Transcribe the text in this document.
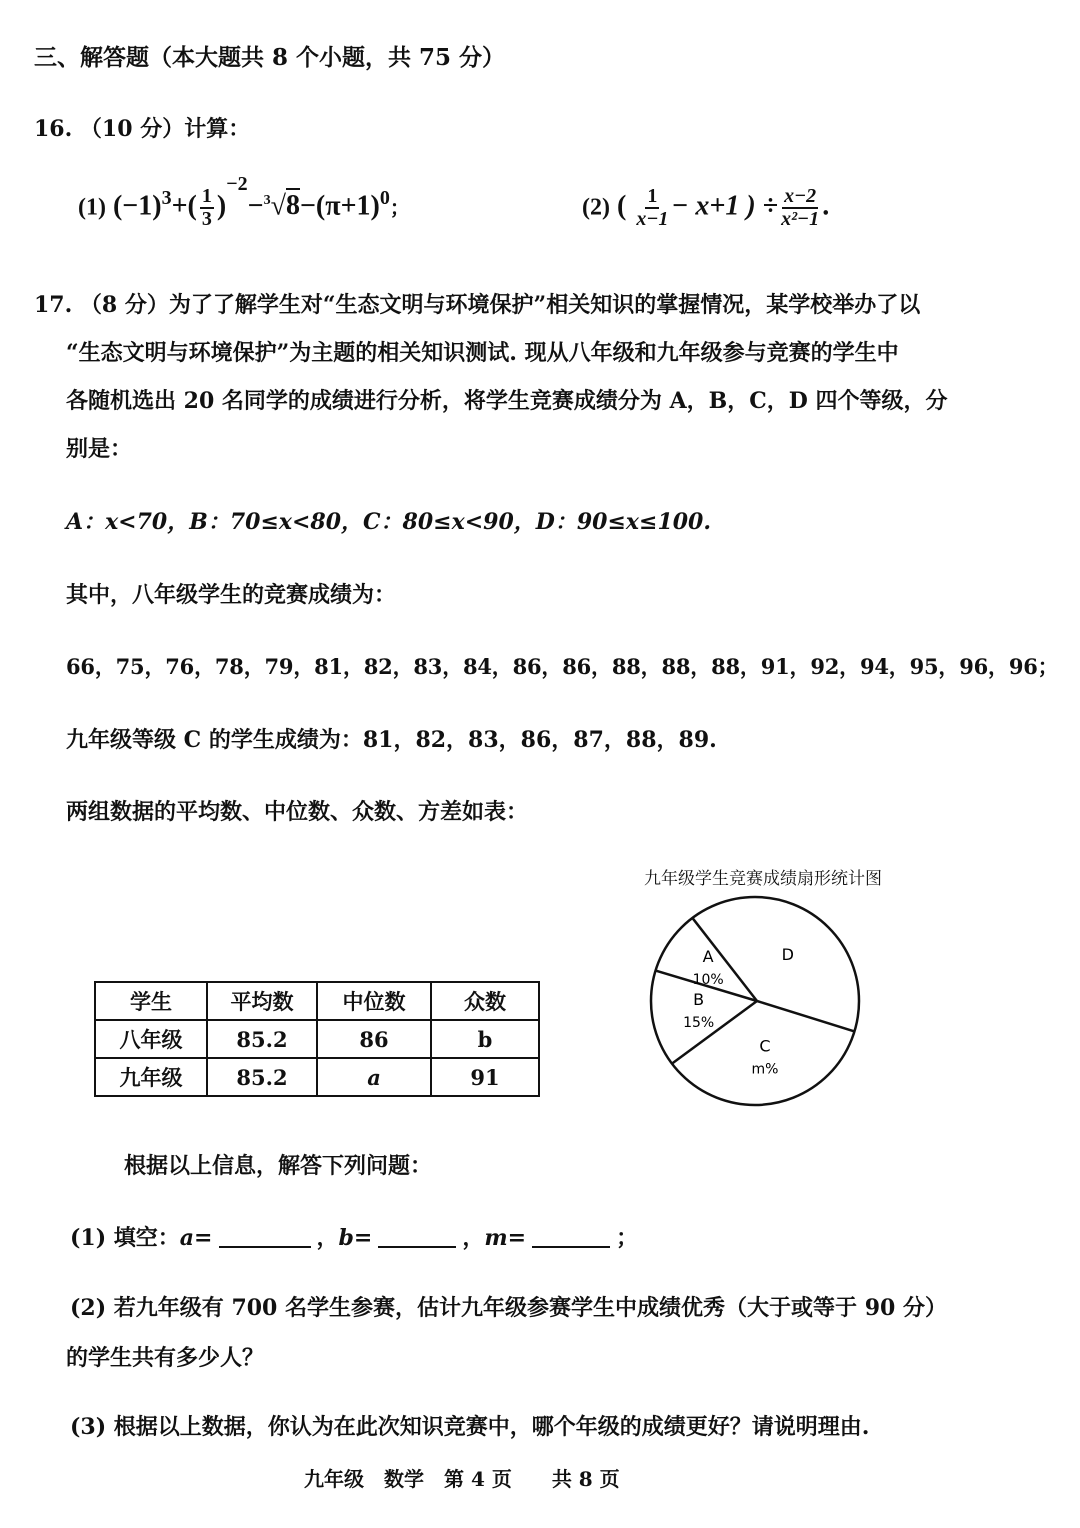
三、解答题（本大题共 8 个小题，共 75 分）
16. （10 分）计算：
(1) $(-1)^3+( \frac{1}{3} )^{-2}-^3√8-(\pi+1)^0$；	(2) ( $\frac{1}{x-1} - x+1$ ) ÷ $\frac{x-2}{\text{x²−1}}$ .
17. （8 分）为了了解学生对“生态文明与环境保护”相关知识的掌握情况，某学校举办了以
“生态文明与环境保护”为主题的相关知识测试. 现从八年级和九年级参与竞赛的学生中
各随机选出 20 名同学的成绩进行分析，将学生竞赛成绩分为 A，B，C，D 四个等级，分
别是：
A：x<70，B：70≤x<80，C：80≤x<90，D：90≤x≤100.
其中，八年级学生的竞赛成绩为：
66，75，76，78，79，81，82，83，84，86，86，88，88，88，91，92，94，95，96，96；
九年级等级 C 的学生成绩为：81，82，83，86，87，88，89.
两组数据的平均数、中位数、众数、方差如表：
学生	平均数	中位数	众数
八年级	85.2	86	b
九年级	85.2	a	91
九年级学生竞赛成绩扇形统计图
A
10%
D
C
m%
B
15%
根据以上信息，解答下列问题：
(1) 填空：a=	，b=	，m=	；
(2) 若九年级有 700 名学生参赛，估计九年级参赛学生中成绩优秀（大于或等于 90 分）
的学生共有多少人？
(3) 根据以上数据，你认为在此次知识竞赛中，哪个年级的成绩更好？请说明理由.
九年级　数学　第 4 页　　共 8 页
